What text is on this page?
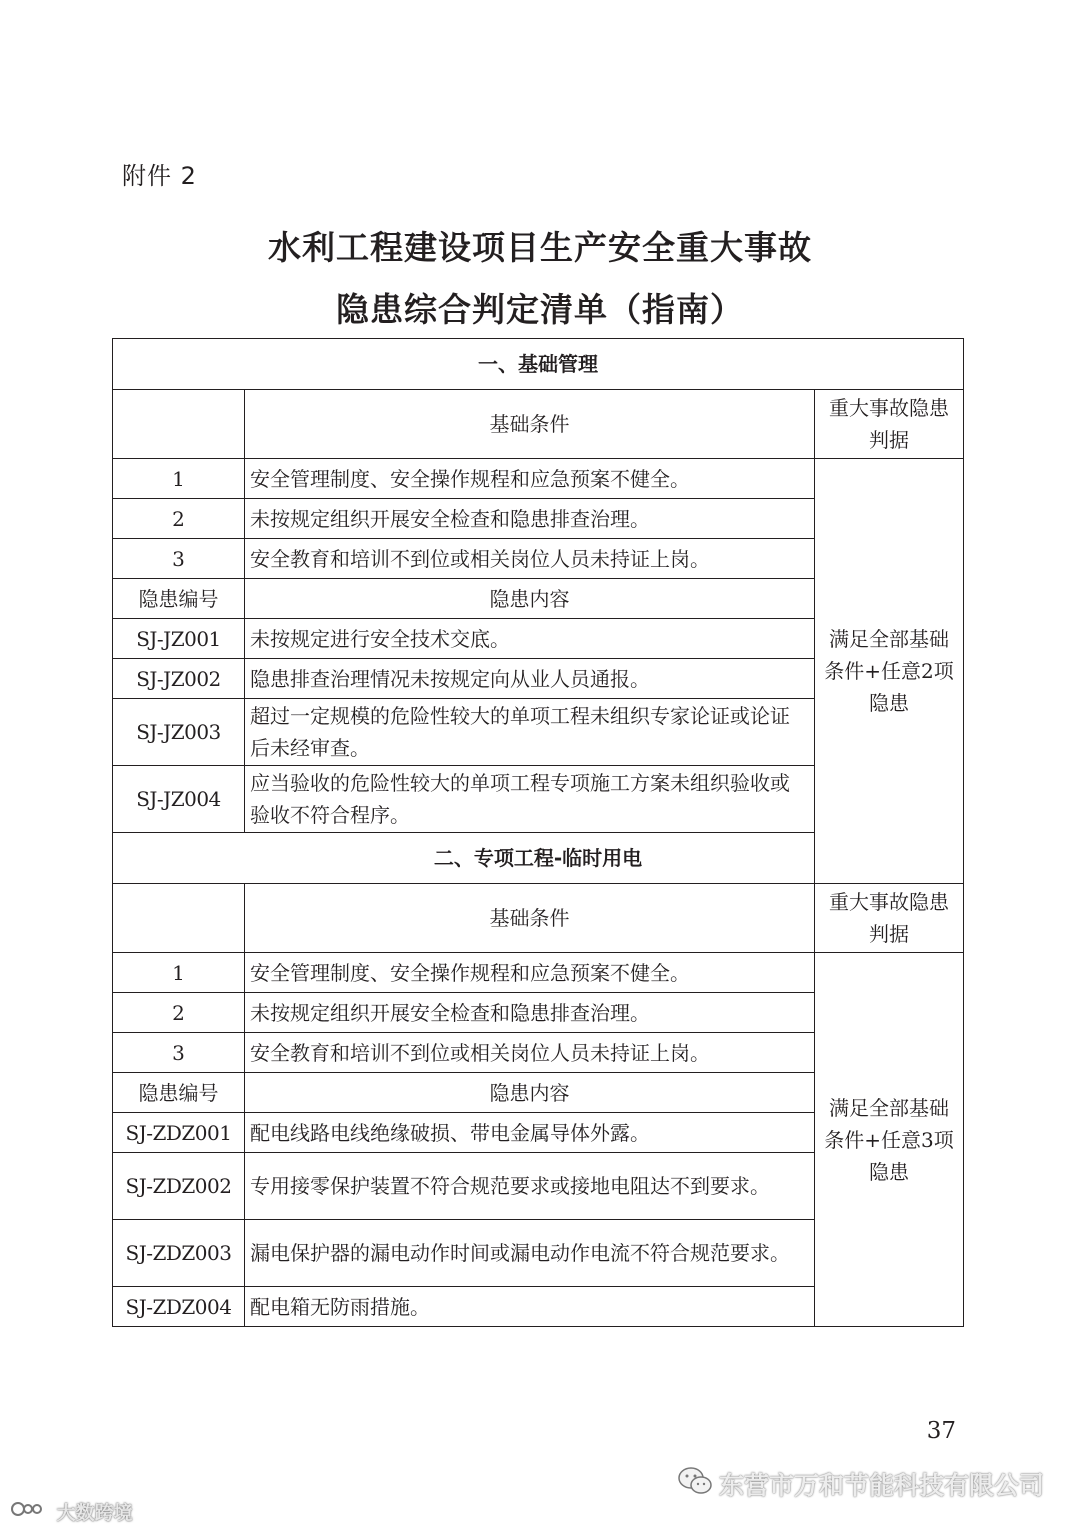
附件 2
水利工程建设项目生产安全重大事故
隐患综合判定清单（指南）
一、基础管理		
	基础条件	重大事故隐患判据
1	安全管理制度、安全操作规程和应急预案不健全。	满足全部基础条件+任意2项隐患
2	未按规定组织开展安全检查和隐患排查治理。	
3	安全教育和培训不到位或相关岗位人员未持证上岗。	
隐患编号	隐患内容	
SJ-JZ001	未按规定进行安全技术交底。	
SJ-JZ002	隐患排查治理情况未按规定向从业人员通报。	
SJ-JZ003	超过一定规模的危险性较大的单项工程未组织专家论证或论证后未经审查。	
SJ-JZ004	应当验收的危险性较大的单项工程专项施工方案未组织验收或验收不符合程序。	
二、专项工程-临时用电		
	基础条件	重大事故隐患判据
1	安全管理制度、安全操作规程和应急预案不健全。	满足全部基础条件+任意3项隐患
2	未按规定组织开展安全检查和隐患排查治理。	
3	安全教育和培训不到位或相关岗位人员未持证上岗。	
隐患编号	隐患内容	
SJ-ZDZ001	配电线路电线绝缘破损、带电金属导体外露。	
SJ-ZDZ002	专用接零保护装置不符合规范要求或接地电阻达不到要求。	
SJ-ZDZ003	漏电保护器的漏电动作时间或漏电动作电流不符合规范要求。	
SJ-ZDZ004	配电箱无防雨措施。	
37
大数跨境
东营市万和节能科技有限公司
